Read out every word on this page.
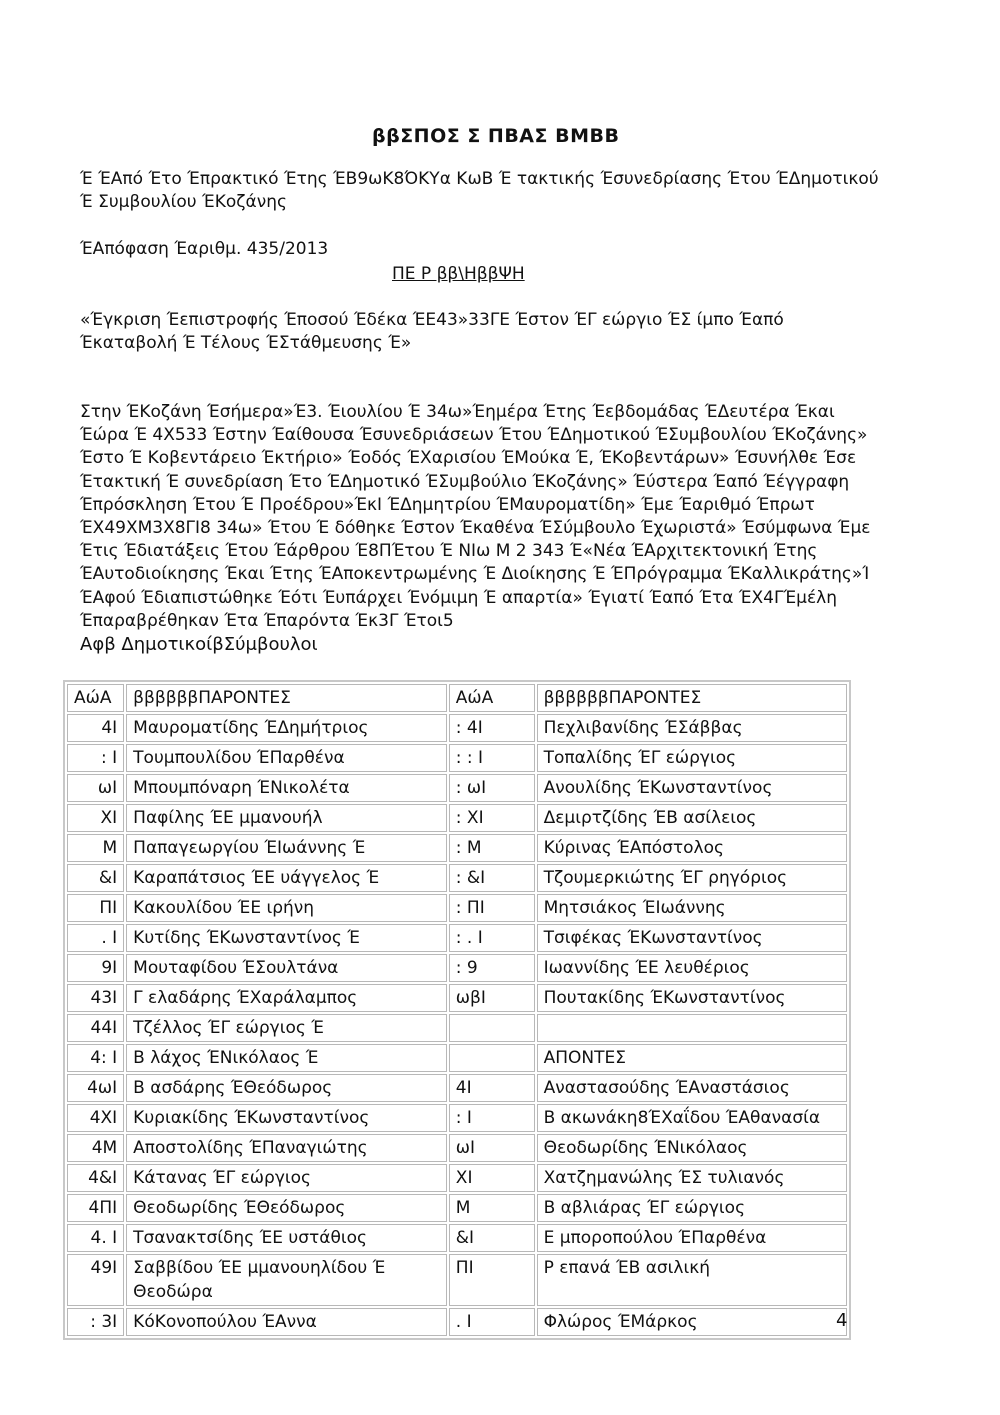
ββΣΠΟΣ Σ ΠΒΑΣ ΒΜΒΒ
Έ ΈΑπό Έτο Έπρακτικό Έτης ΈΒ9ωΚ8ΌΚΥα ΚωΒ Έ τακτικής Έσυνεδρίασης Έτου ΈΔημοτικού Έ Συμβουλίου ΈΚοζάνης
ΈΑπόφαση Έαριθμ. 435/2013
ΠΕ Ρ ββ\ΗββΨΗ
«Έγκριση Έεπιστροφής Έποσού Έδέκα ΈΕ43»33ΓΕ Έστον ΈΓ εώργιο ΈΣ ίμπο Έαπό Έκαταβολή Έ Τέλους ΈΣτάθμευσης Έ»
Στην ΈΚοζάνη Έσήμερα»Έ3. Έιουλίου Έ 34ω»Έημέρα Έτης Έεβδομάδας ΈΔευτέρα Έκαι Έώρα Έ 4Χ533 Έστην Έαίθουσα Έσυνεδριάσεων Έτου ΈΔημοτικού ΈΣυμβουλίου ΈΚοζάνης» Έστο Έ Κοβεντάρειο Έκτήριο» Έοδός ΈΧαρισίου ΈΜούκα Έ, ΈΚοβεντάρων» Έσυνήλθε Έσε Έτακτική Έ συνεδρίαση Έτο ΈΔημοτικό ΈΣυμβούλιο ΈΚοζάνης» Έύστερα Έαπό Έέγγραφη Έπρόσκληση Έτου Έ Προέδρου»ΈκΙ ΈΔημητρίου ΈΜαυροματίδη» Έμε Έαριθμό Έπρωτ ΈΧ49ΧΜ3Χ8ΓΙ8 34ω» Έτου Έ δόθηκε Έστον Έκαθένα ΈΣύμβουλο Έχωριστά» Έσύμφωνα Έμε Έτις Έδιατάξεις Έτου Έάρθρου Έ8ΠΈτου Έ ΝΙω Μ 2 343 Έ«Νέα ΈΑρχιτεκτονική Έτης ΈΑυτοδιοίκησης Έκαι Έτης ΈΑποκεντρωμένης Έ Διοίκησης Έ ΈΠρόγραμμα ΈΚαλλικράτης»Ί ΈΑφού Έδιαπιστώθηκε Έότι Έυπάρχει Ένόμιμη Έ απαρτία» Έγιατί Έαπό Έτα ΈΧ4ΓΈμέλη Έπαραβρέθηκαν Έτα Έπαρόντα Έκ3Γ Έτοι5
Αφβ ΔημοτικοίβΣύμβουλοι
ΑώΑ	ββββββΠΑΡΟΝΤΕΣ	ΑώΑ	ββββββΠΑΡΟΝΤΕΣ
4Ι	Μαυροματίδης ΈΔημήτριος	: 4Ι	Πεχλιβανίδης ΈΣάββας
: Ι	Τουμπουλίδου ΈΠαρθένα	: : Ι	Τοπαλίδης ΈΓ εώργιος
ωΙ	Μπουμπόναρη ΈΝικολέτα	: ωΙ	Ανουλίδης ΈΚωνσταντίνος
ΧΙ	Παφίλης ΈΕ μμανουήλ	: ΧΙ	Δεμιρτζίδης ΈΒ ασίλειος
Μ	Παπαγεωργίου ΈΙωάννης Έ	: Μ	Κύρινας ΈΑπόστολος
&Ι	Καραπάτσιος ΈΕ υάγγελος Έ	: &Ι	Τζουμερκιώτης ΈΓ ρηγόριος
ΠΙ	Κακουλίδου ΈΕ ιρήνη	: ΠΙ	Μητσιάκος ΈΙωάννης
. Ι	Κυτίδης ΈΚωνσταντίνος Έ	: . Ι	Τσιφέκας ΈΚωνσταντίνος
9Ι	Μουταφίδου ΈΣουλτάνα	: 9	Ιωαννίδης ΈΕ λευθέριος
43Ι	Γ ελαδάρης ΈΧαράλαμπος	ωβΙ	Πουτακίδης ΈΚωνσταντίνος
44Ι	Τζέλλος ΈΓ εώργιος Έ		
4: Ι	Β λάχος ΈΝικόλαος Έ		ΑΠΟΝΤΕΣ
4ωΙ	Β ασδάρης ΈΘεόδωρος	4Ι	Αναστασούδης ΈΑναστάσιος
4ΧΙ	Κυριακίδης ΈΚωνσταντίνος	: Ι	Β ακωνάκη8ΈΧαΐδου ΈΑθανασία
4Μ	Αποστολίδης ΈΠαναγιώτης	ωΙ	Θεοδωρίδης ΈΝικόλαος
4&Ι	Κάτανας ΈΓ εώργιος	ΧΙ	Χατζημανώλης ΈΣ τυλιανός
4ΠΙ	Θεοδωρίδης ΈΘεόδωρος	Μ	Β αβλιάρας ΈΓ εώργιος
4. Ι	Τσανακτσίδης ΈΕ υστάθιος	&Ι	Ε μποροπούλου ΈΠαρθένα
49Ι	Σαββίδου ΈΕ μμανουηλίδου Έ Θεοδώρα	ΠΙ	Ρ επανά ΈΒ ασιλική
: 3Ι	ΚόΚονοπούλου ΈΑννα	. Ι	Φλώρος ΈΜάρκος	4
